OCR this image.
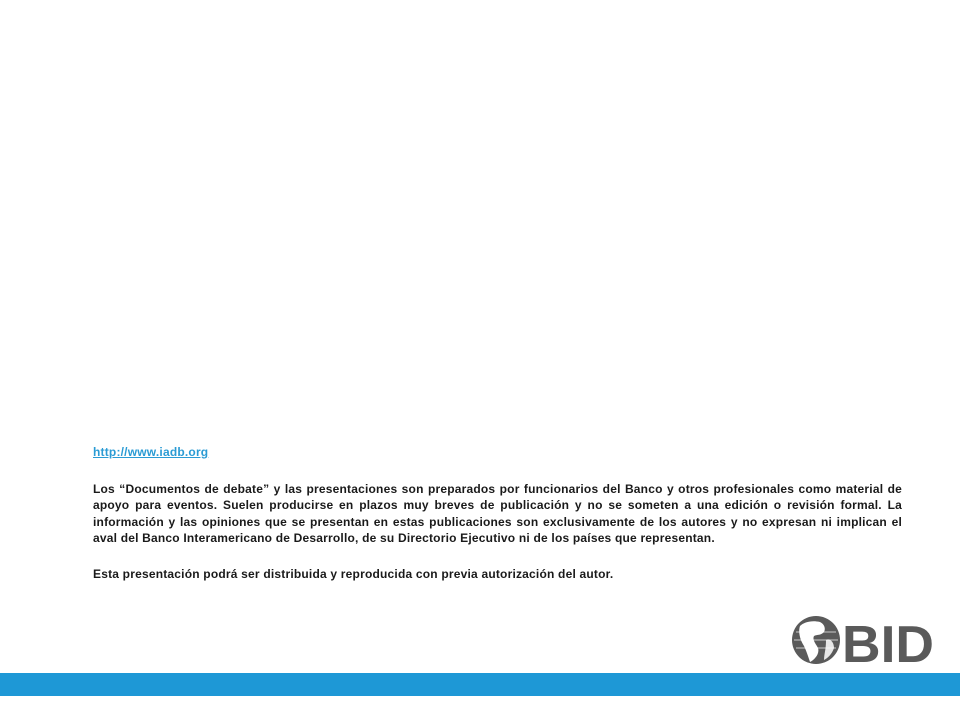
http://www.iadb.org

Los “Documentos de debate” y las presentaciones son preparados por funcionarios del Banco y otros profesionales como material de apoyo para eventos. Suelen producirse en plazos muy breves de publicación y no se someten a una edición o revisión formal. La información y las opiniones que se presentan en estas publicaciones son exclusivamente de los autores y no expresan ni implican el aval del Banco Interamericano de Desarrollo, de su Directorio Ejecutivo ni de los países que representan.

Esta presentación podrá ser distribuida y reproducida con previa autorización del autor.

BID
